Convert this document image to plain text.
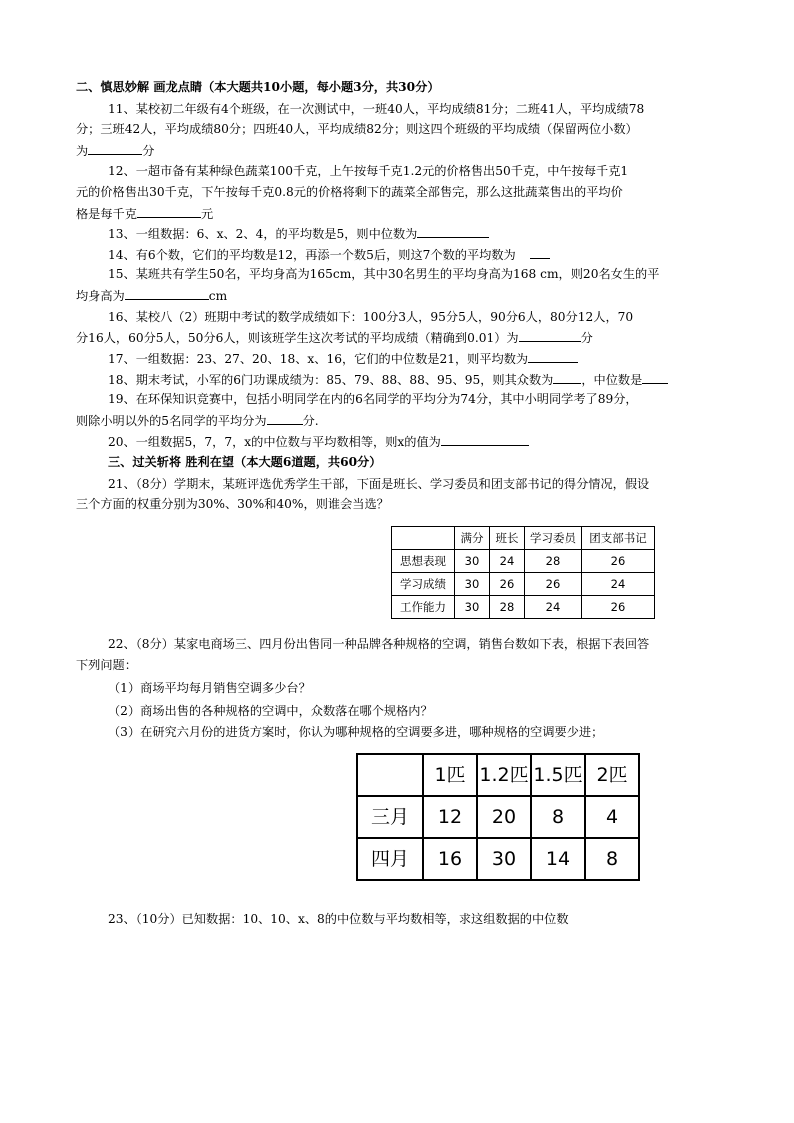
二、慎思妙解 画龙点睛（本大题共10小题，每小题3分，共30分）
11、某校初二年级有4个班级，在一次测试中，一班40人，平均成绩81分；二班41人，平均成绩78
分；三班42人，平均成绩80分；四班40人，平均成绩82分；则这四个班级的平均成绩（保留两位小数）
为	分
12、一超市备有某种绿色蔬菜100千克，上午按每千克1.2元的价格售出50千克，中午按每千克1
元的价格售出30千克，下午按每千克0.8元的价格将剩下的蔬菜全部售完，那么这批蔬菜售出的平均价
格是每千克	元
13、一组数据：6、x、2、4，的平均数是5，则中位数为
14、有6个数，它们的平均数是12，再添一个数5后，则这7个数的平均数为
15、某班共有学生50名，平均身高为165cm，其中30名男生的平均身高为168 cm，则20名女生的平
均身高为	cm
16、某校八（2）班期中考试的数学成绩如下：100分3人，95分5人，90分6人，80分12人，70
分16人，60分5人，50分6人，则该班学生这次考试的平均成绩（精确到0.01）为	分
17、一组数据：23、27、20、18、x、16，它们的中位数是21，则平均数为
18、期末考试，小军的6门功课成绩为：85、79、88、88、95、95，则其众数为 ，中位数是
19、在环保知识竞赛中，包括小明同学在内的6名同学的平均分为74分，其中小明同学考了89分，
则除小明以外的5名同学的平均分为	分.
20、一组数据5，7，7，x的中位数与平均数相等，则x的值为
三、过关斩将 胜利在望（本大题6道题，共60分）
21、（8分）学期末，某班评选优秀学生干部，下面是班长、学习委员和团支部书记的得分情况，假设
三个方面的权重分别为30%、30%和40%，则谁会当选？
	满分	班长	学习委员	团支部书记
思想表现	30	24	28	26
学习成绩	30	26	26	24
工作能力	30	28	24	26
22、（8分）某家电商场三、四月份出售同一种品牌各种规格的空调，销售台数如下表，根据下表回答
下列问题：
（1）商场平均每月销售空调多少台？
（2）商场出售的各种规格的空调中，众数落在哪个规格内？
（3）在研究六月份的进货方案时，你认为哪种规格的空调要多进，哪种规格的空调要少进；
	1匹	1.2匹	1.5匹	2匹
三月	12	20	8	4
四月	16	30	14	8
23、（10分）已知数据：10、10、x、8的中位数与平均数相等，求这组数据的中位数
